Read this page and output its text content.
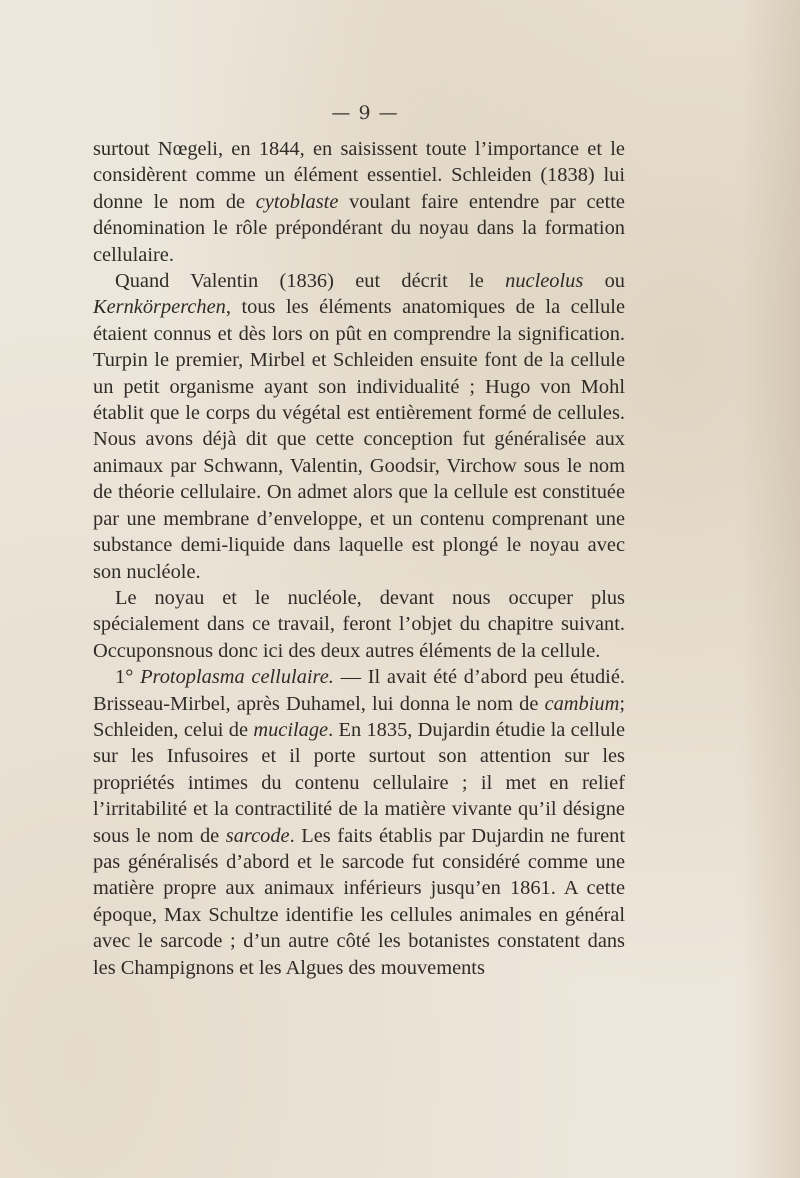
— 9 —

surtout Nœgeli, en 1844, en saisissent toute l’importance et le considèrent comme un élément essentiel. Schleiden (1838) lui donne le nom de cytoblaste voulant faire entendre par cette dénomination le rôle prépondérant du noyau dans la formation cellulaire.

Quand Valentin (1836) eut décrit le nucleolus ou Kernkörperchen, tous les éléments anatomiques de la cellule étaient connus et dès lors on pût en comprendre la signification. Turpin le premier, Mirbel et Schleiden ensuite font de la cellule un petit organisme ayant son individualité ; Hugo von Mohl établit que le corps du végétal est entièrement formé de cellules. Nous avons déjà dit que cette conception fut généralisée aux animaux par Schwann, Valentin, Goodsir, Virchow sous le nom de théorie cellulaire. On admet alors que la cellule est constituée par une membrane d’enveloppe, et un contenu comprenant une substance demi-liquide dans laquelle est plongé le noyau avec son nucléole.

Le noyau et le nucléole, devant nous occuper plus spécialement dans ce travail, feront l’objet du chapitre suivant. Occuponsnous donc ici des deux autres éléments de la cellule.

1° Protoplasma cellulaire. — Il avait été d’abord peu étudié. Brisseau-Mirbel, après Duhamel, lui donna le nom de cambium; Schleiden, celui de mucilage. En 1835, Dujardin étudie la cellule sur les Infusoires et il porte surtout son attention sur les propriétés intimes du contenu cellulaire ; il met en relief l’irritabilité et la contractilité de la matière vivante qu’il désigne sous le nom de sarcode. Les faits établis par Dujardin ne furent pas généralisés d’abord et le sarcode fut considéré comme une matière propre aux animaux inférieurs jusqu’en 1861. A cette époque, Max Schultze identifie les cellules animales en général avec le sarcode ; d’un autre côté les botanistes constatent dans les Champignons et les Algues des mouvements
